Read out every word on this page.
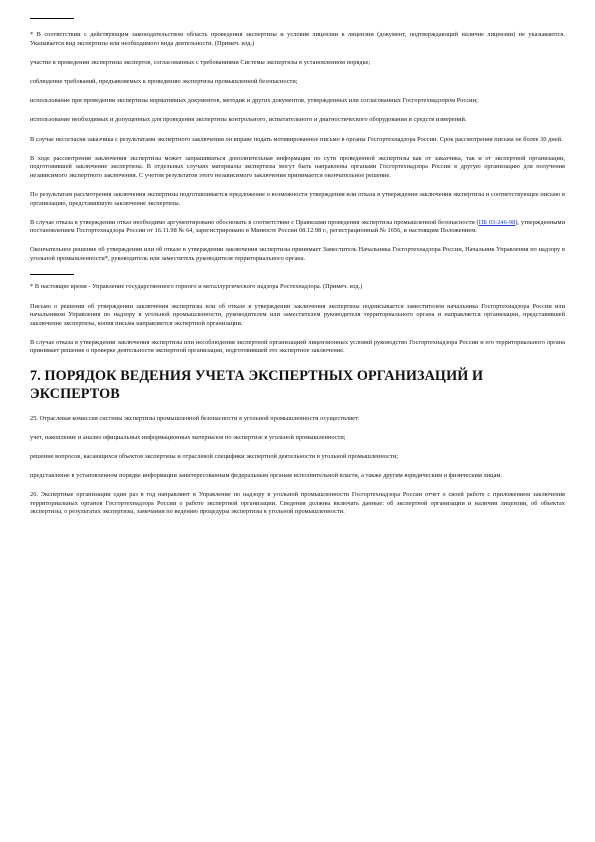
* В соответствии с действующим законодательством область проведения экспертизы и условия лицензии к лицензии (документ, подтверждающий наличие лицензии) не указываются. Указывается вид экспертизы или необходимого вида деятельности. (Примеч. изд.)

участие в проведении экспертизы экспертов, согласованных с требованиями Системы экспертизы в установленном порядке;

соблюдение требований, предъявляемых к проведению экспертизы промышленной безопасности;

использование при проведении экспертизы нормативных документов, методик и других документов, утвержденных или согласованных Госгортехнадзором России;

использование необходимых и допущенных для проведения экспертизы контрольного, испытательного и диагностического оборудования и средств измерений.

В случае несогласия заказчика с результатами экспертного заключения он вправе подать мотивированное письмо в органы Госгортехнадзора России. Срок рассмотрения письма не более 30 дней.

В ходе рассмотрения заключения экспертизы может запрашиваться дополнительная информация по сути проведенной экспертизы как от заказчика, так и от экспертной организации, подготовившей заключение экспертизы. В отдельных случаях материалы экспертизы могут быть направлены органами Госгортехнадзора России в другую организацию для получения независимого экспертного заключения. С учетом результатов этого независимого заключения принимается окончательное решение.

По результатам рассмотрения заключения экспертизы подготавливается предложение о возможности утверждения или отказа в утверждении заключения экспертизы и соответствующее письмо в организацию, представившую заключение экспертизы.

В случае отказа в утверждении отказ необходимо аргументировано обосновать в соответствии с Правилами проведения экспертизы промышленной безопасности (ПБ 03-246-98), утвержденными постановлением Госгортехнадзора России от 16.11.98 № 64, зарегистрировано в Минюсте России 08.12.98 г., регистрационный № 1656, и настоящим Положением.

Окончательное решение об утверждении или об отказе в утверждении заключения экспертизы принимает Заместитель Начальника Госгортехнадзора России, Начальник Управления по надзору в угольной промышленности*, руководитель или заместитель руководителя территориального органа.

* В настоящее время - Управление государственного горного и металлургического надзора Ростехнадзора. (Примеч. изд.)

Письмо о решении об утверждении заключения экспертизы или об отказе в утверждении заключения экспертизы подписывается заместителем начальника Госгортехнадзора России или начальником Управления по надзору в угольной промышленности, руководителем или заместителем руководителя территориального органа и направляется организации, представившей заключение экспертизы, копия письма направляется экспертной организации.

В случае отказа в утверждении заключения экспертизы или несоблюдения экспертной организацией лицензионных условий руководство Госгортехнадзора России и его территориального органа принимает решение о проверке деятельности экспертной организации, подготовившей это экспертное заключение.

7. ПОРЯДОК ВЕДЕНИЯ УЧЕТА ЭКСПЕРТНЫХ ОРГАНИЗАЦИЙ И ЭКСПЕРТОВ

25. Отраслевая комиссия системы экспертизы промышленной безопасности в угольной промышленности осуществляет:

учет, накопление и анализ официальных информационных материалов по экспертизе в угольной промышленности;

решение вопросов, касающихся объектов экспертизы и отраслевой специфики экспертной деятельности в угольной промышленности;

представление в установленном порядке информации заинтересованным федеральным органам исполнительной власти, а также другим юридическим и физическим лицам.

26. Экспертные организации один раз в год направляют в Управление по надзору в угольной промышленности Госгортехнадзора России отчет о своей работе с приложением заключения территориальных органов Госгортехнадзора России о работе экспертной организации. Сведения должны включать данные: об экспертной организации и наличии лицензии, об объектах экспертизы, о результатах экспертизы, замечания по ведению процедуры экспертизы в угольной промышленности.
